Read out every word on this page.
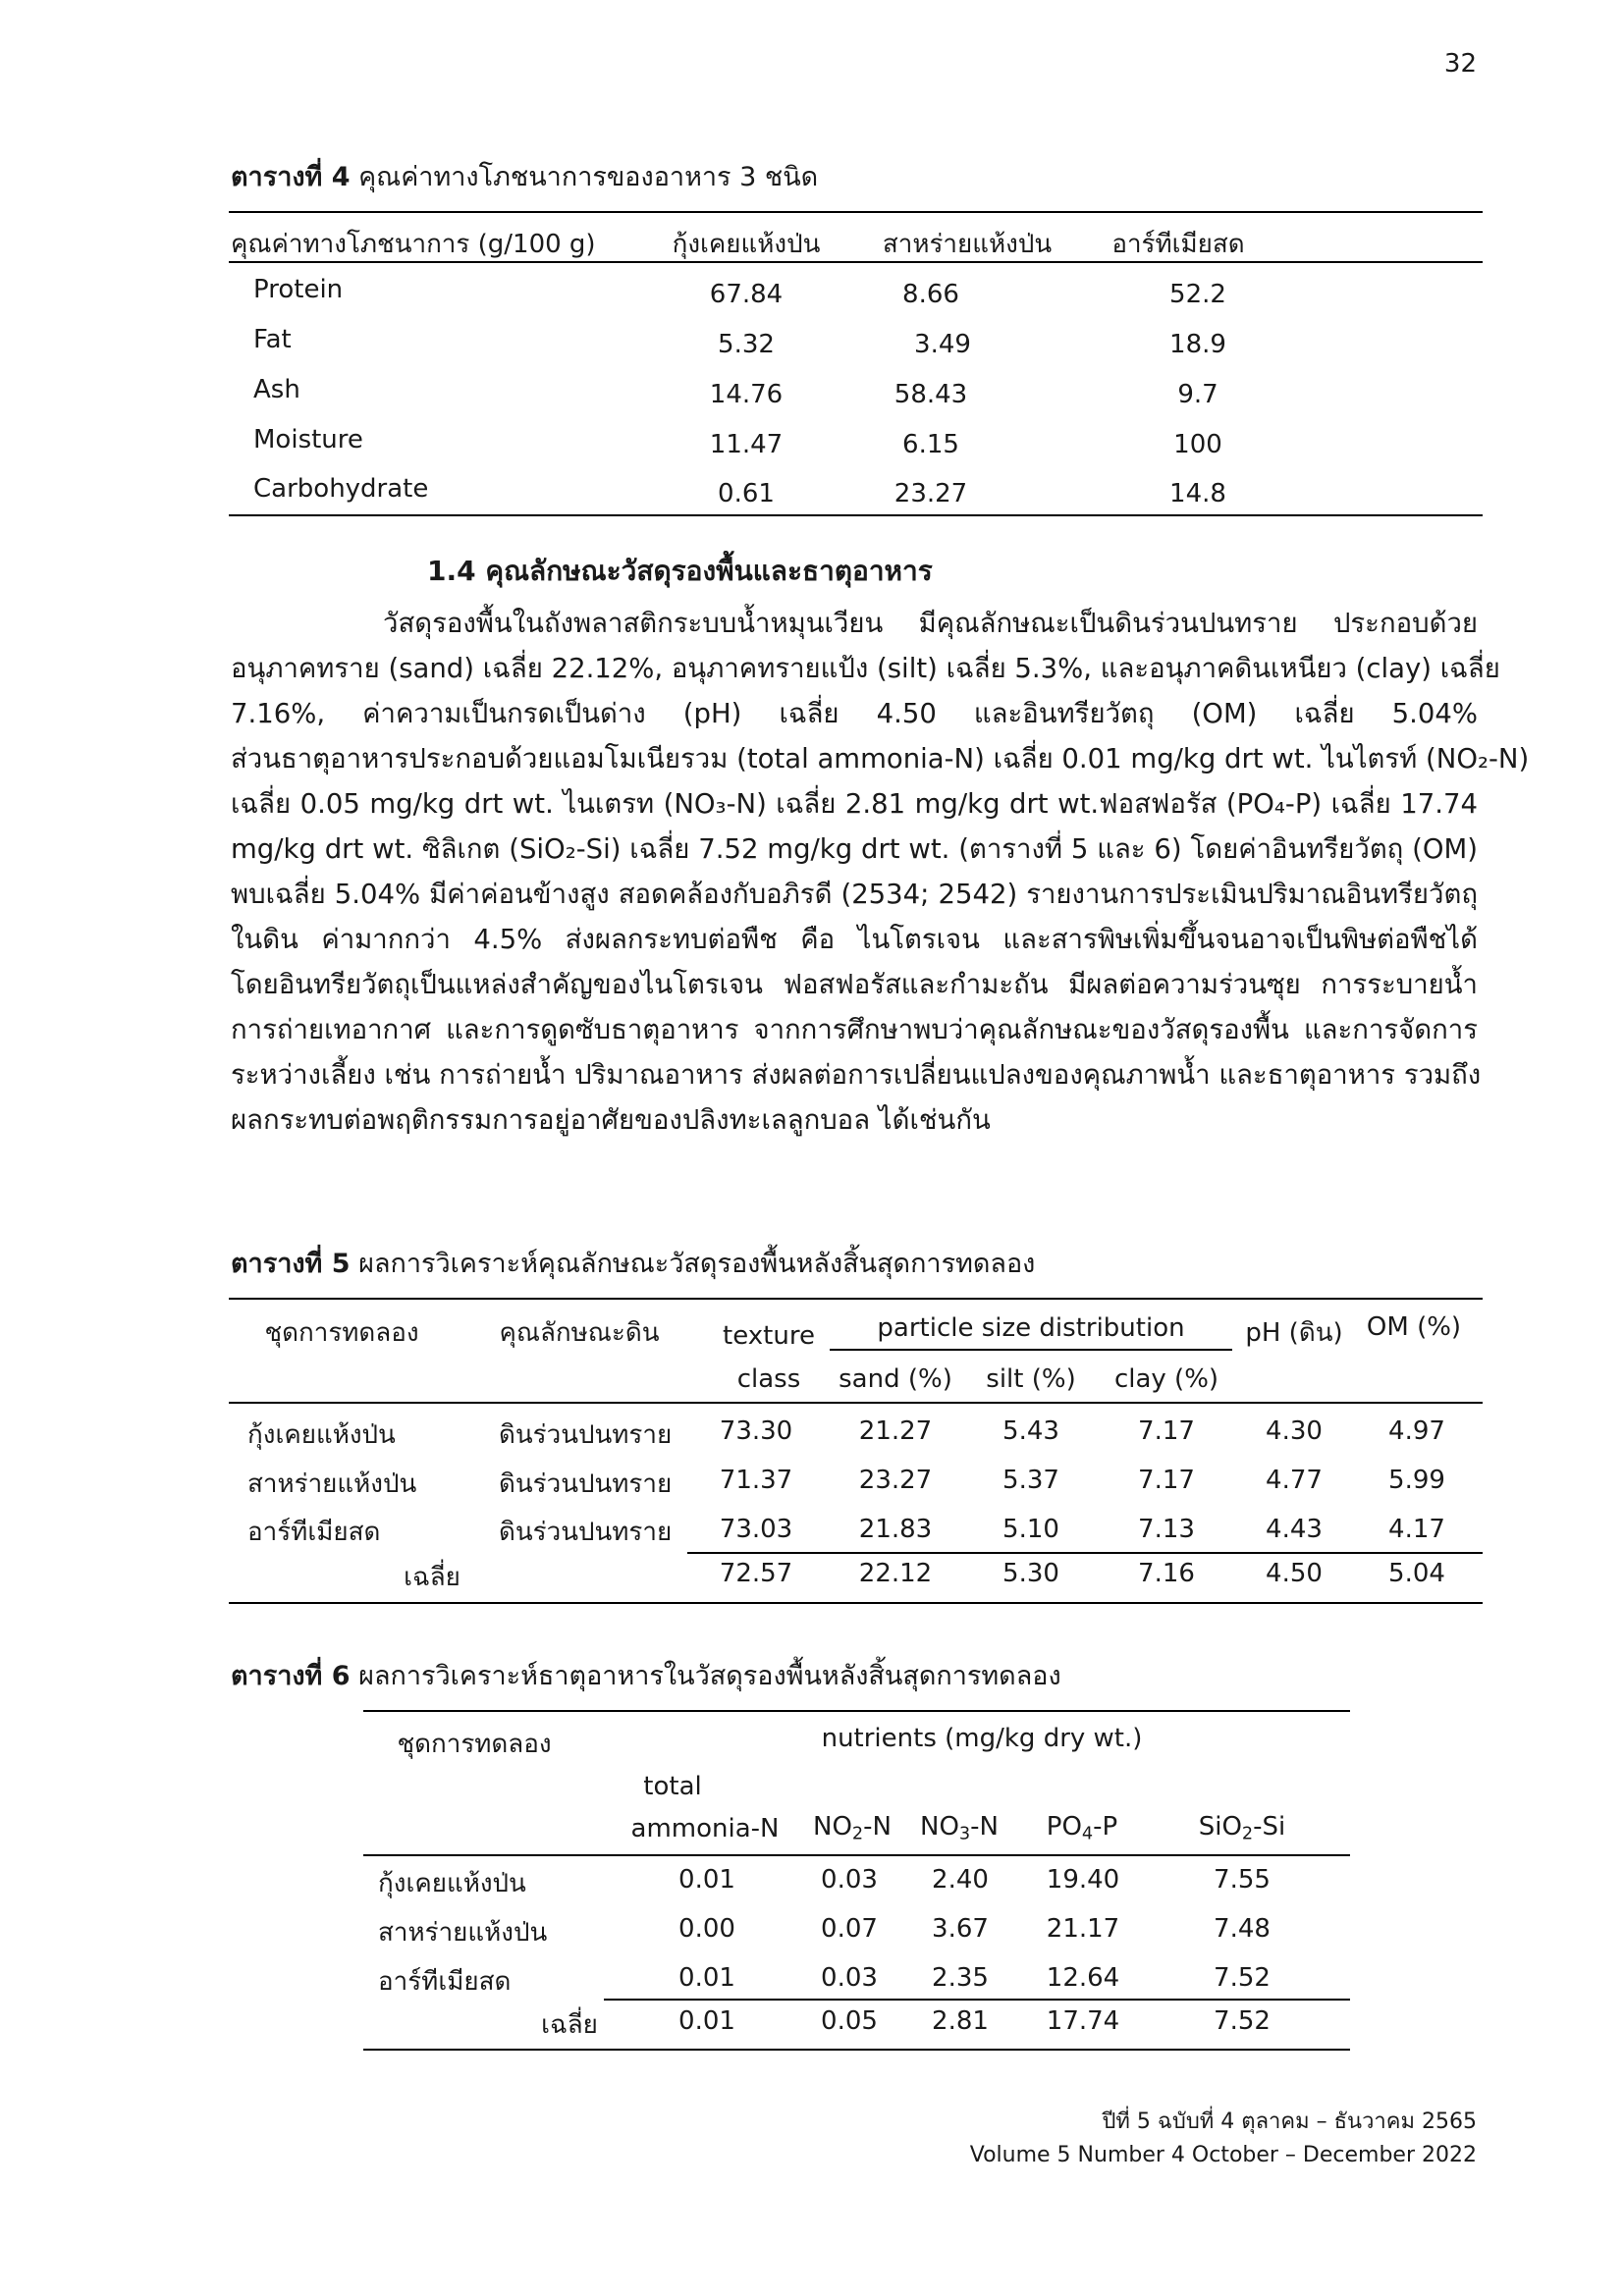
32
ตารางที่ 4 คุณค่าทางโภชนาการของอาหาร 3 ชนิด
คุณค่าทางโภชนาการ (g/100 g)	กุ้งเคยแห้งป่น สาหร่ายแห้งป่น อาร์ทีเมียสด
Protein	67.84	8.66	52.2
Fat	5.32	3.49	18.9
Ash	14.76	58.43	9.7
Moisture	11.47	6.15	100
Carbohydrate	0.61	23.27	14.8
1.4 คุณลักษณะวัสดุรองพื้นและธาตุอาหาร
วัสดุรองพื้นในถังพลาสติกระบบน้ำหมุนเวียน มีคุณลักษณะเป็นดินร่วนปนทราย ประกอบด้วย
อนุภาคทราย (sand) เฉลี่ย 22.12%, อนุภาคทรายแป้ง (silt) เฉลี่ย 5.3%, และอนุภาคดินเหนียว (clay) เฉลี่ย
7.16%, ค่าความเป็นกรดเป็นด่าง (pH) เฉลี่ย 4.50 และอินทรียวัตถุ (OM) เฉลี่ย 5.04%
ส่วนธาตุอาหารประกอบด้วยแอมโมเนียรวม (total ammonia-N) เฉลี่ย 0.01 mg/kg drt wt. ไนไตรท์ (NO₂-N)
เฉลี่ย 0.05 mg/kg drt wt. ไนเตรท (NO₃-N) เฉลี่ย 2.81 mg/kg drt wt.ฟอสฟอรัส (PO₄-P) เฉลี่ย 17.74
mg/kg drt wt. ซิลิเกต (SiO₂-Si) เฉลี่ย 7.52 mg/kg drt wt. (ตารางที่ 5 และ 6) โดยค่าอินทรียวัตถุ (OM)
พบเฉลี่ย 5.04% มีค่าค่อนข้างสูง สอดคล้องกับอภิรดี (2534; 2542) รายงานการประเมินปริมาณอินทรียวัตถุ
ในดิน ค่ามากกว่า 4.5% ส่งผลกระทบต่อพืช คือ ไนโตรเจน และสารพิษเพิ่มขึ้นจนอาจเป็นพิษต่อพืชได้
โดยอินทรียวัตถุเป็นแหล่งสำคัญของไนโตรเจน ฟอสฟอรัสและกำมะถัน มีผลต่อความร่วนซุย การระบายน้ำ
การถ่ายเทอากาศ และการดูดซับธาตุอาหาร จากการศึกษาพบว่าคุณลักษณะของวัสดุรองพื้น และการจัดการ
ระหว่างเลี้ยง เช่น การถ่ายน้ำ ปริมาณอาหาร ส่งผลต่อการเปลี่ยนแปลงของคุณภาพน้ำ และธาตุอาหาร รวมถึง
ผลกระทบต่อพฤติกรรมการอยู่อาศัยของปลิงทะเลลูกบอล ได้เช่นกัน
ตารางที่ 5 ผลการวิเคราะห์คุณลักษณะวัสดุรองพื้นหลังสิ้นสุดการทดลอง
ชุดการทดลอง	คุณลักษณะดิน texture particle size distribution pH (ดิน) OM (%)
class sand (%) silt (%) clay (%)
กุ้งเคยแห้งป่น	ดินร่วนปนทราย 73.30	21.27	5.43	7.17	4.30	4.97
สาหร่ายแห้งป่น	ดินร่วนปนทราย 71.37	23.27	5.37	7.17	4.77	5.99
อาร์ทีเมียสด	ดินร่วนปนทราย 73.03	21.83	5.10	7.13	4.43	4.17
เฉลี่ย	72.57	22.12	5.30	7.16	4.50	5.04
ตารางที่ 6 ผลการวิเคราะห์ธาตุอาหารในวัสดุรองพื้นหลังสิ้นสุดการทดลอง
ชุดการทดลอง	nutrients (mg/kg dry wt.)
total
ammonia-N $NO_2-N$ $NO_3-N$ $PO_4-P$	SiO$_2$-Si
กุ้งเคยแห้งป่น	0.01	0.03 2.40 19.40	7.55
สาหร่ายแห้งป่น	0.00	0.07 3.67 21.17	7.48
อาร์ทีเมียสด	0.01	0.03 2.35 12.64	7.52
เฉลี่ย	0.01	0.05 2.81 17.74	7.52
ปีที่ 5 ฉบับที่ 4 ตุลาคม – ธันวาคม 2565
Volume 5 Number 4 October – December 2022
